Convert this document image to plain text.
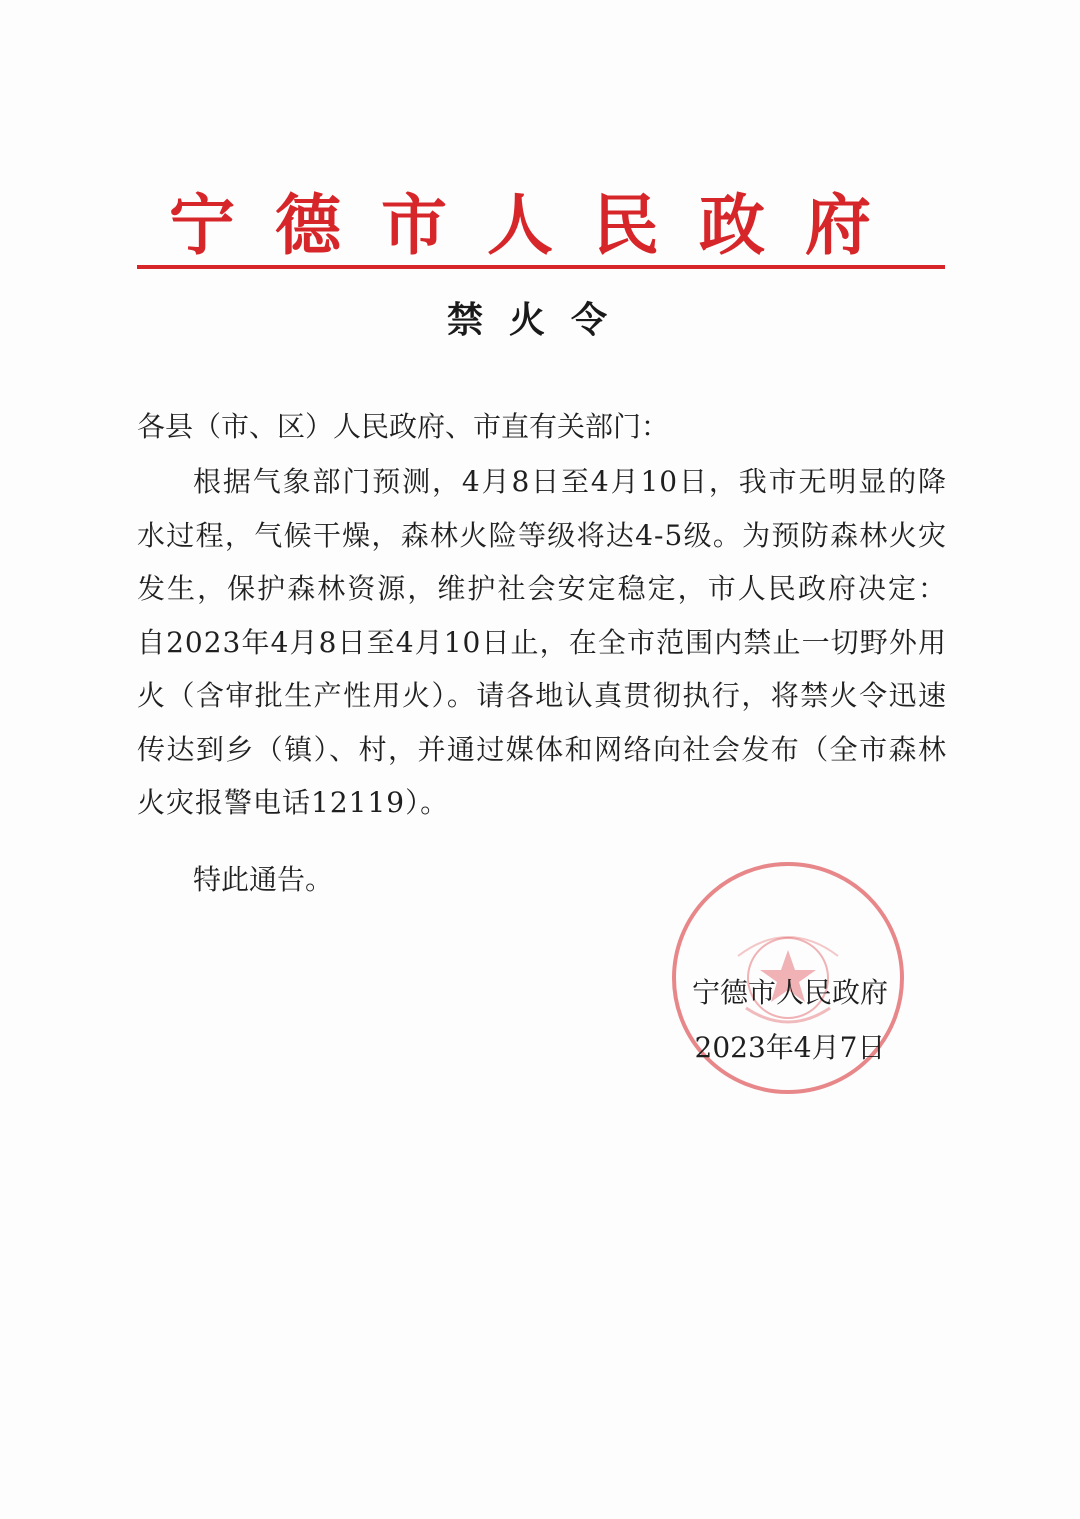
宁德市人民政府
禁火令
各县（市、区）人民政府、市直有关部门：
根据气象部门预测，4月8日至4月10日，我市无明显的降水过程，气候干燥，森林火险等级将达4-5级。为预防森林火灾发生，保护森林资源，维护社会安定稳定，市人民政府决定：自2023年4月8日至4月10日止，在全市范围内禁止一切野外用火（含审批生产性用火）。请各地认真贯彻执行，将禁火令迅速传达到乡（镇）、村，并通过媒体和网络向社会发布（全市森林火灾报警电话12119）。
特此通告。
宁德市人民政府
2023年4月7日
